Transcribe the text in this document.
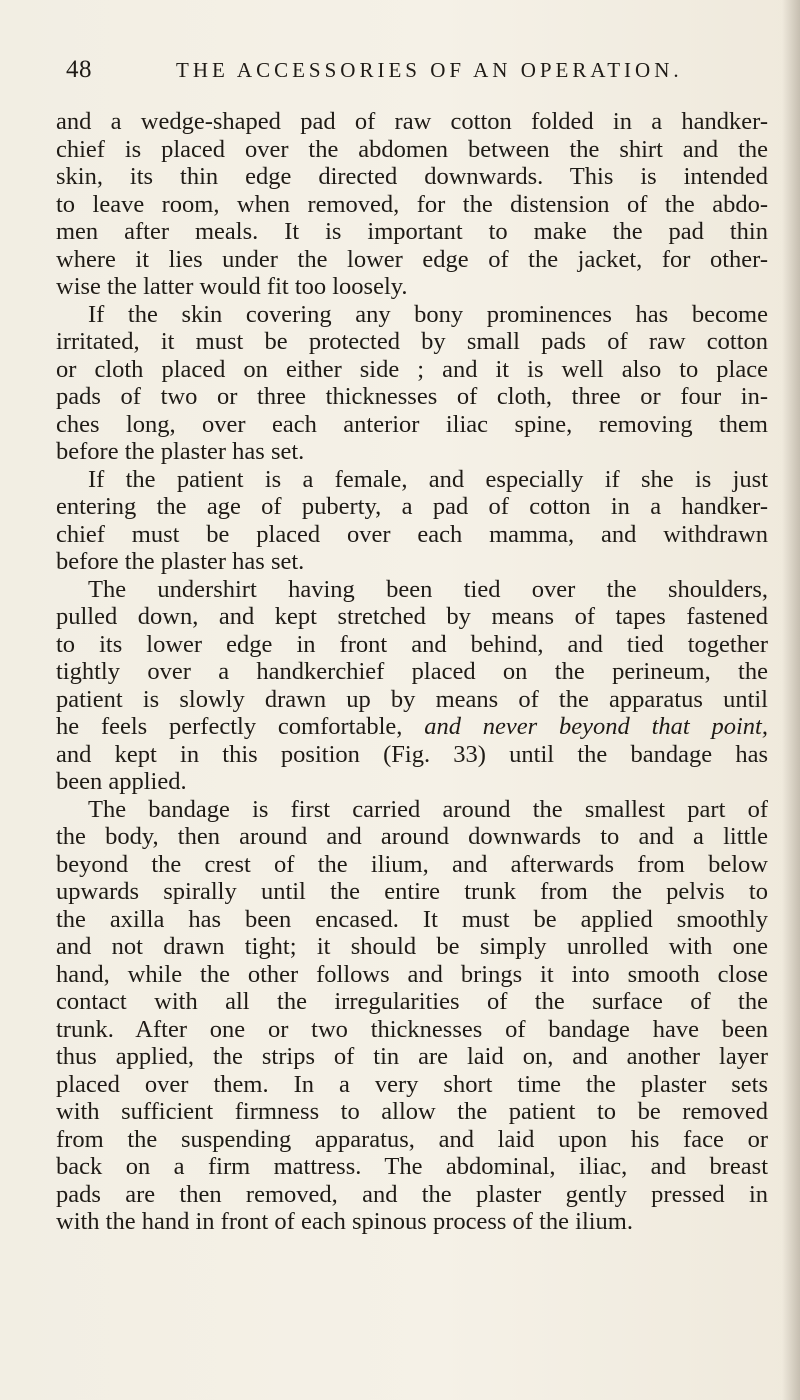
48	THE ACCESSORIES OF AN OPERATION.
and a wedge-shaped pad of raw cotton folded in a handker-
chief is placed over the abdomen between the shirt and the
skin, its thin edge directed downwards. This is intended
to leave room, when removed, for the distension of the abdo-
men after meals. It is important to make the pad thin
where it lies under the lower edge of the jacket, for other-
wise the latter would fit too loosely.
If the skin covering any bony prominences has become
irritated, it must be protected by small pads of raw cotton
or cloth placed on either side ; and it is well also to place
pads of two or three thicknesses of cloth, three or four in-
ches long, over each anterior iliac spine, removing them
before the plaster has set.
If the patient is a female, and especially if she is just
entering the age of puberty, a pad of cotton in a handker-
chief must be placed over each mamma, and withdrawn
before the plaster has set.
The undershirt having been tied over the shoulders,
pulled down, and kept stretched by means of tapes fastened
to its lower edge in front and behind, and tied together
tightly over a handkerchief placed on the perineum, the
patient is slowly drawn up by means of the apparatus until
he feels perfectly comfortable, and never beyond that point,
and kept in this position (Fig. 33) until the bandage has
been applied.
The bandage is first carried around the smallest part of
the body, then around and around downwards to and a little
beyond the crest of the ilium, and afterwards from below
upwards spirally until the entire trunk from the pelvis to
the axilla has been encased. It must be applied smoothly
and not drawn tight; it should be simply unrolled with one
hand, while the other follows and brings it into smooth close
contact with all the irregularities of the surface of the
trunk. After one or two thicknesses of bandage have been
thus applied, the strips of tin are laid on, and another layer
placed over them. In a very short time the plaster sets
with sufficient firmness to allow the patient to be removed
from the suspending apparatus, and laid upon his face or
back on a firm mattress. The abdominal, iliac, and breast
pads are then removed, and the plaster gently pressed in
with the hand in front of each spinous process of the ilium.
